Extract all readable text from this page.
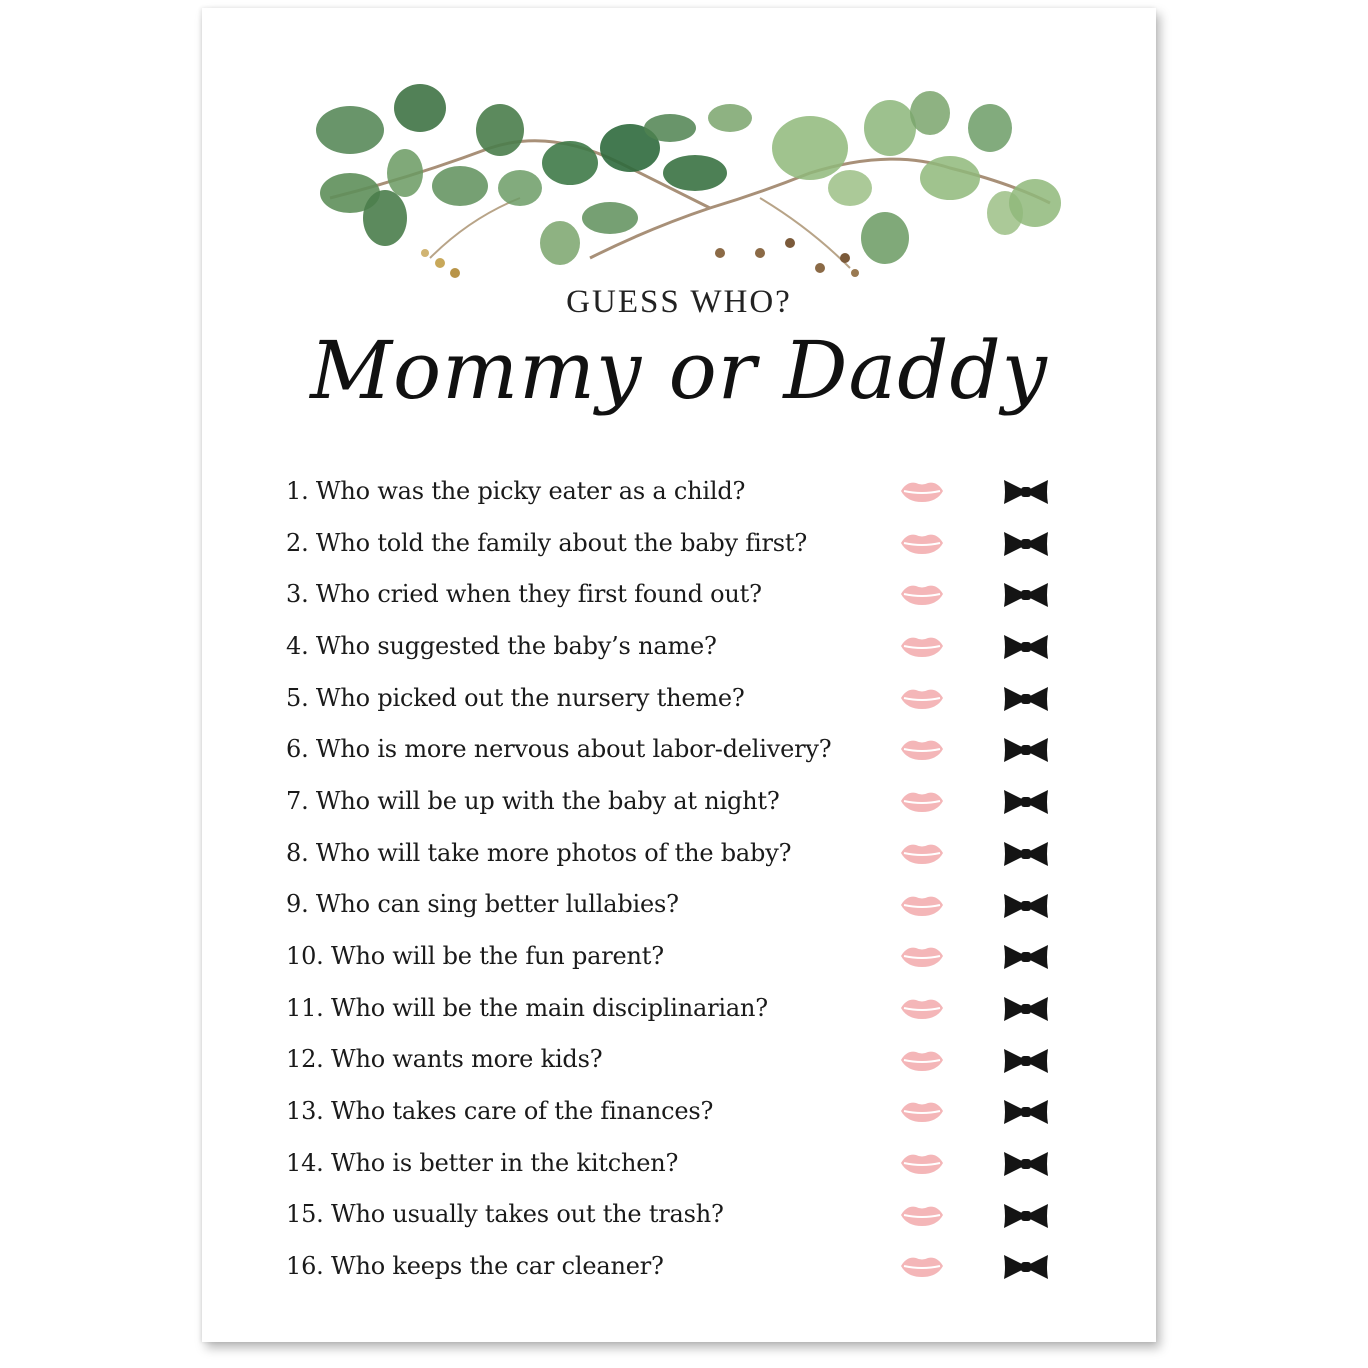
GUESS WHO?
Mommy or Daddy
1. Who was the picky eater as a child?
2. Who told the family about the baby first?
3. Who cried when they first found out?
4. Who suggested the baby’s name?
5. Who picked out the nursery theme?
6. Who is more nervous about labor-delivery?
7. Who will be up with the baby at night?
8. Who will take more photos of the baby?
9. Who can sing better lullabies?
10. Who will be the fun parent?
11. Who will be the main disciplinarian?
12. Who wants more kids?
13. Who takes care of the finances?
14. Who is better in the kitchen?
15. Who usually takes out the trash?
16. Who keeps the car cleaner?
